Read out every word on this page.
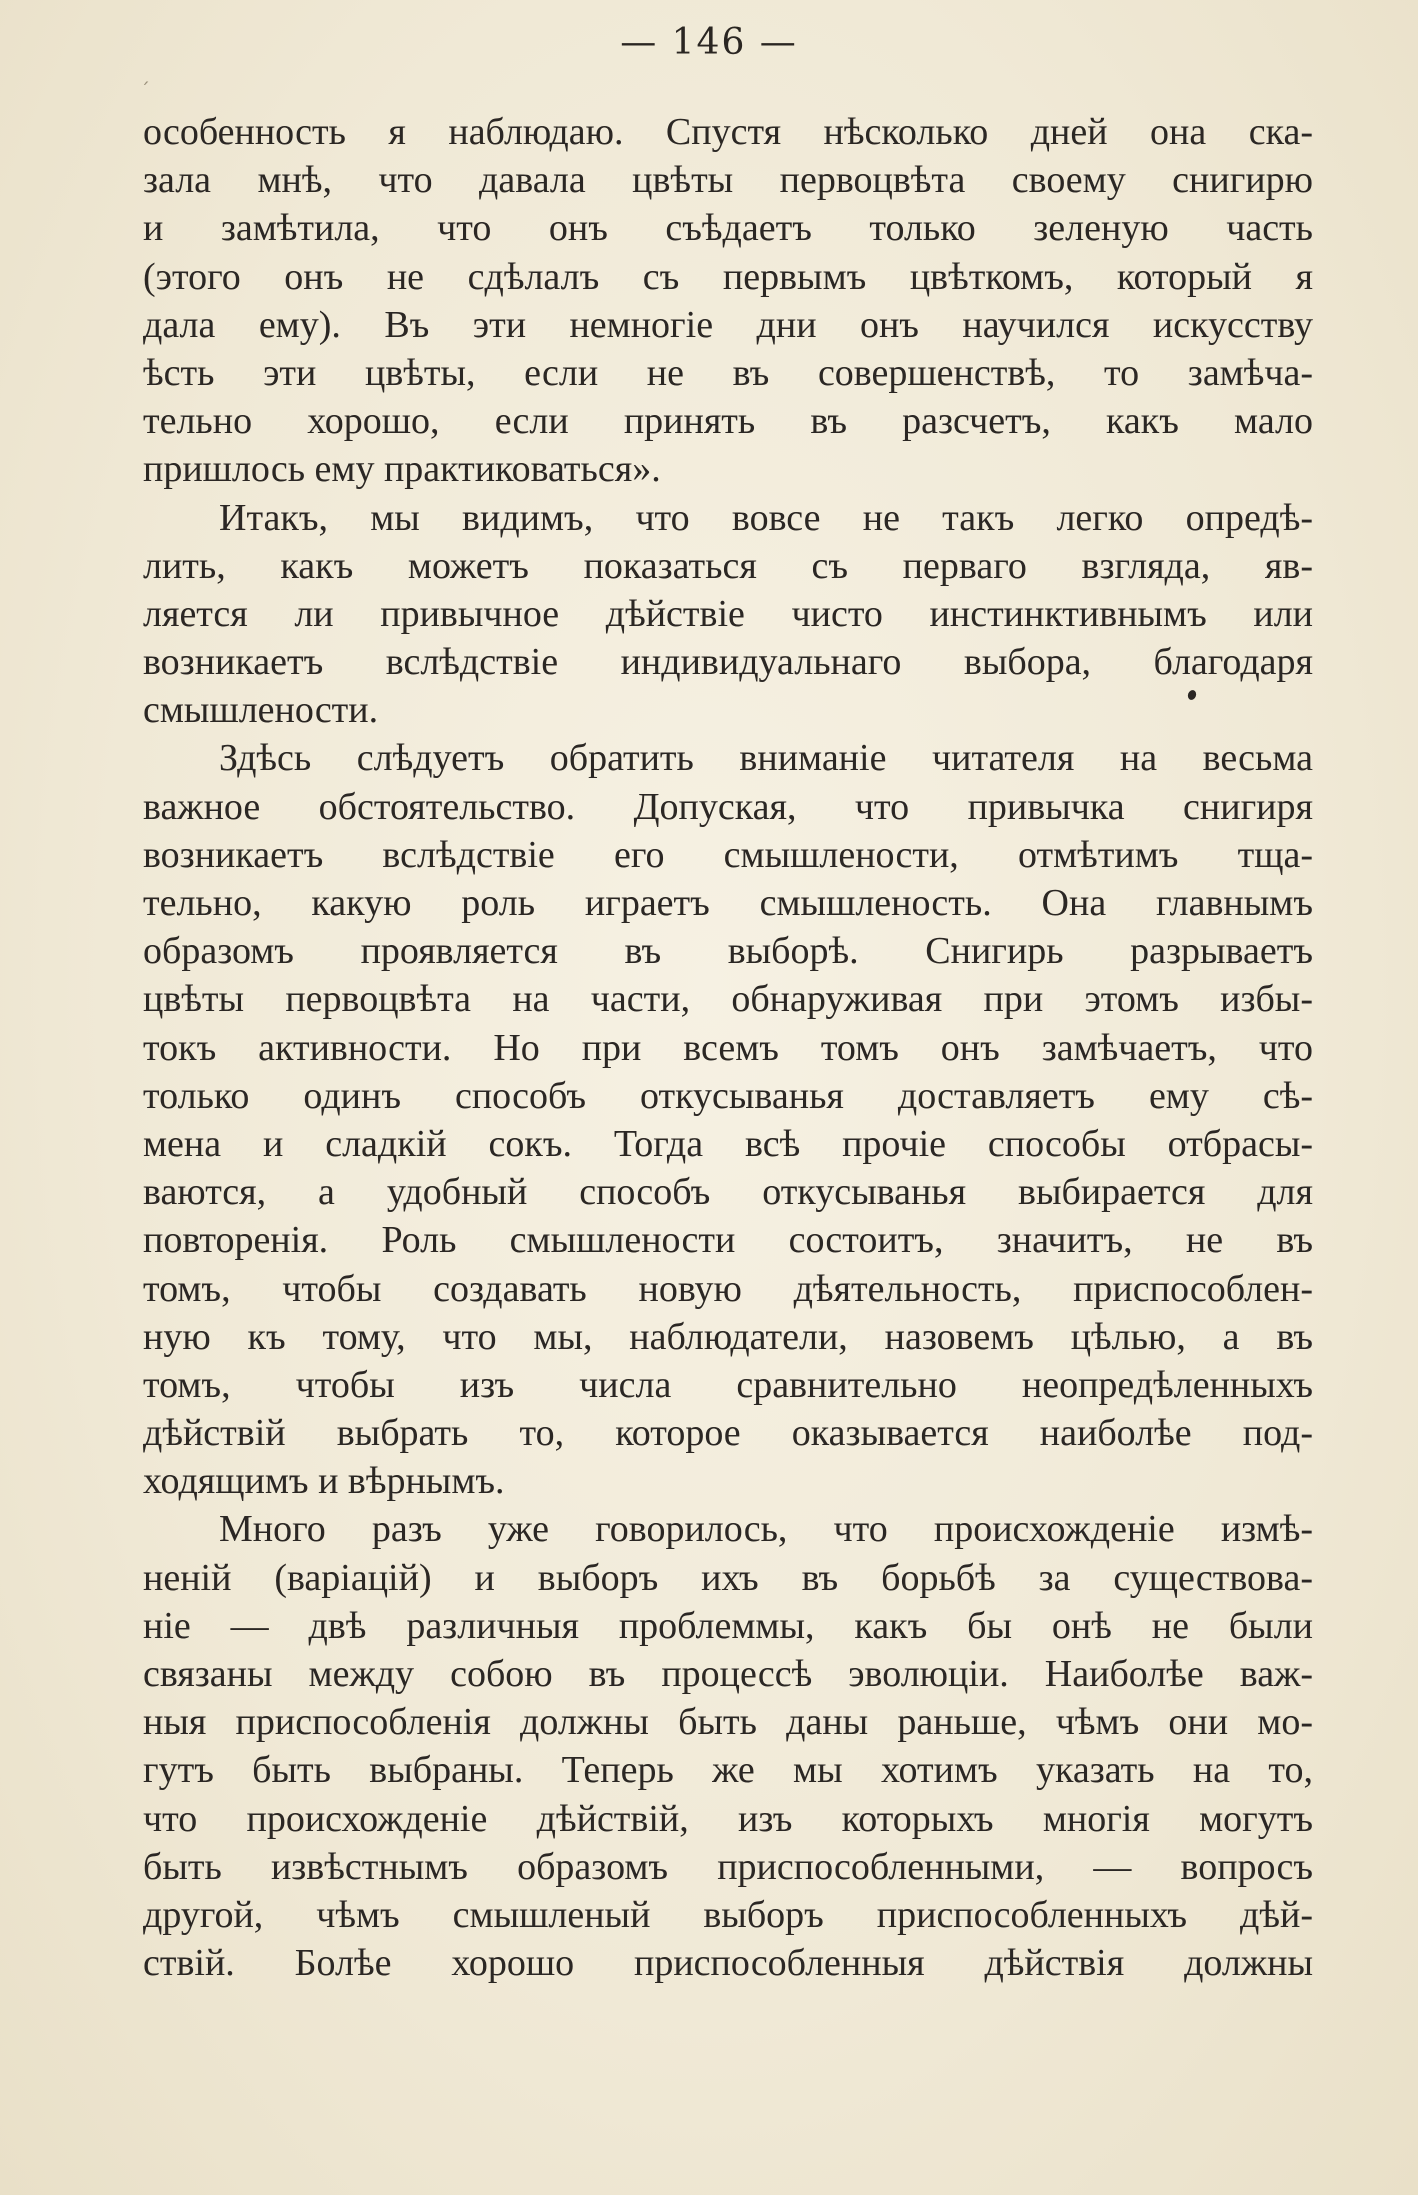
— 146 —
´
особенность я наблюдаю. Спустя нѣсколько дней она ска-
зала мнѣ, что давала цвѣты первоцвѣта своему снигирю
и замѣтила, что онъ съѣдаетъ только зеленую часть
(этого онъ не сдѣлалъ съ первымъ цвѣткомъ, который я
дала ему). Въ эти немногіе дни онъ научился искусству
ѣсть эти цвѣты, если не въ совершенствѣ, то замѣча-
тельно хорошо, если принять въ разсчетъ, какъ мало
пришлось ему практиковаться».
Итакъ, мы видимъ, что вовсе не такъ легко опредѣ-
лить, какъ можетъ показаться съ перваго взгляда, яв-
ляется ли привычное дѣйствіе чисто инстинктивнымъ или
возникаетъ вслѣдствіе индивидуальнаго выбора, благодаря
смышлености.
Здѣсь слѣдуетъ обратить вниманіе читателя на весьма
важное обстоятельство. Допуская, что привычка снигиря
возникаетъ вслѣдствіе его смышлености, отмѣтимъ тща-
тельно, какую роль играетъ смышленость. Она главнымъ
образомъ проявляется въ выборѣ. Снигирь разрываетъ
цвѣты первоцвѣта на части, обнаруживая при этомъ избы-
токъ активности. Но при всемъ томъ онъ замѣчаетъ, что
только одинъ способъ откусыванья доставляетъ ему сѣ-
мена и сладкій сокъ. Тогда всѣ прочіе способы отбрасы-
ваются, а удобный способъ откусыванья выбирается для
повторенія. Роль смышлености состоитъ, значитъ, не въ
томъ, чтобы создавать новую дѣятельность, приспособлен-
ную къ тому, что мы, наблюдатели, назовемъ цѣлью, а въ
томъ, чтобы изъ числа сравнительно неопредѣленныхъ
дѣйствій выбрать то, которое оказывается наиболѣе под-
ходящимъ и вѣрнымъ.
Много разъ уже говорилось, что происхожденіе измѣ-
неній (варіацій) и выборъ ихъ въ борьбѣ за существова-
ніе — двѣ различныя проблеммы, какъ бы онѣ не были
связаны между собою въ процессѣ эволюціи. Наиболѣе важ-
ныя приспособленія должны быть даны раньше, чѣмъ они мо-
гутъ быть выбраны. Теперь же мы хотимъ указать на то,
что происхожденіе дѣйствій, изъ которыхъ многія могутъ
быть извѣстнымъ образомъ приспособленными, — вопросъ
другой, чѣмъ смышленый выборъ приспособленныхъ дѣй-
ствій. Болѣе хорошо приспособленныя дѣйствія должны
